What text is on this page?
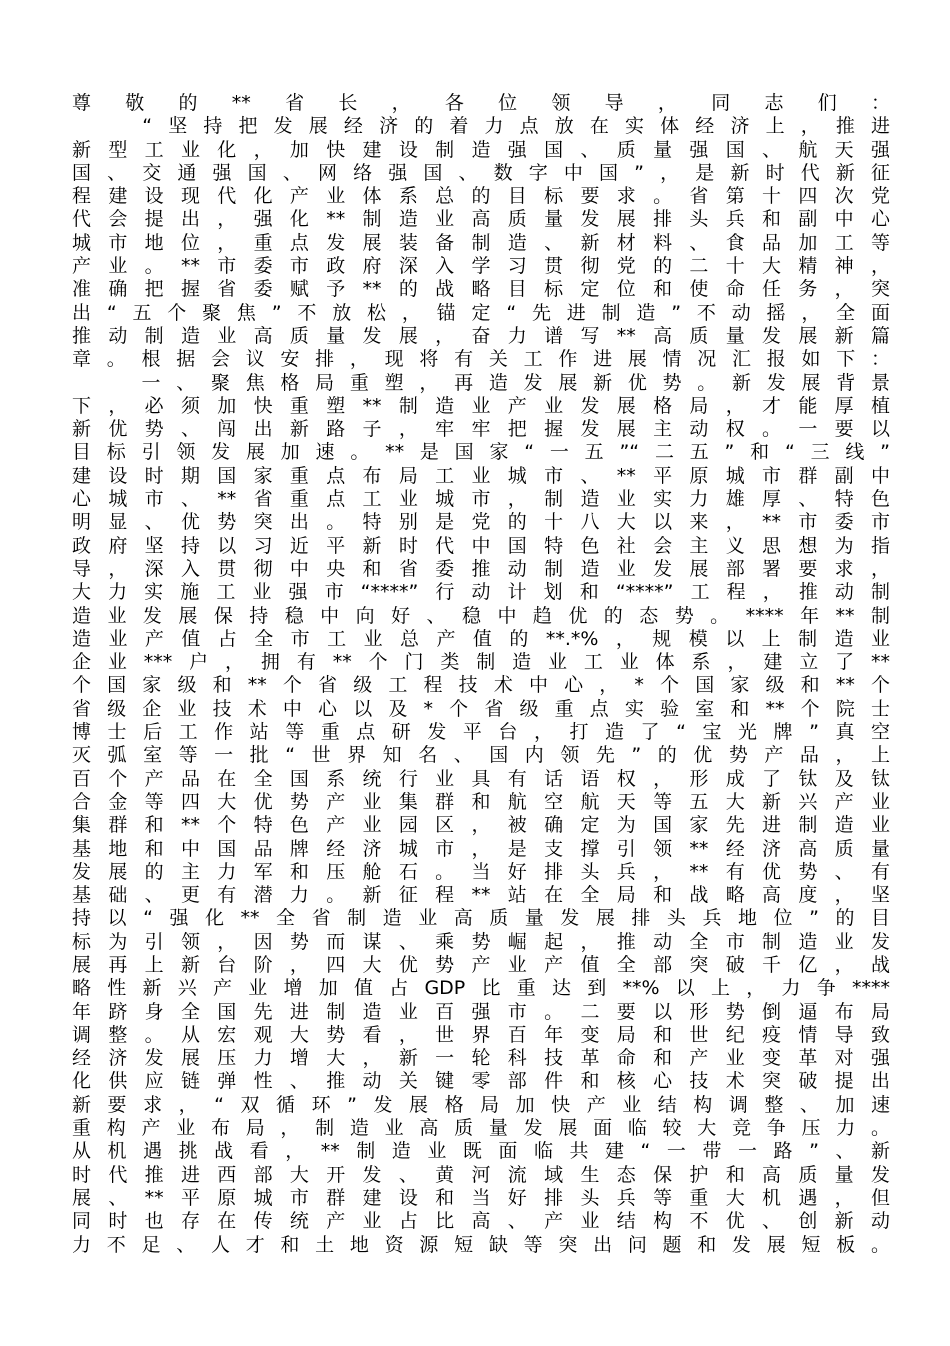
尊敬的**省长，各位领导，同志们：
　　“坚持把发展经济的着力点放在实体经济上，推进
新型工业化，加快建设制造强国、质量强国、航天强
国、交通强国、网络强国、数字中国”，是新时代新征
程建设现代化产业体系总的目标要求。省第十四次党
代会提出，强化**制造业高质量发展排头兵和副中心
城市地位，重点发展装备制造、新材料、食品加工等
产业。**市委市政府深入学习贯彻党的二十大精神，
准确把握省委赋予**的战略目标定位和使命任务，突
出“五个聚焦”不放松，锚定“先进制造”不动摇，全面
推动制造业高质量发展，奋力谱写**高质量发展新篇
章。根据会议安排，现将有关工作进展情况汇报如下：
　　一、聚焦格局重塑，再造发展新优势。新发展背景
下，必须加快重塑**制造业产业发展格局，才能厚植
新优势、闯出新路子，牢牢把握发展主动权。一要以
目标引领发展加速。**是国家“一五”“二五”和“三线”
建设时期国家重点布局工业城市、**平原城市群副中
心城市、**省重点工业城市，制造业实力雄厚、特色
明显、优势突出。特别是党的十八大以来，**市委市
政府坚持以习近平新时代中国特色社会主义思想为指
导，深入贯彻中央和省委推动制造业发展部署要求，
大力实施工业强市“****”行动计划和“****”工程，推动制
造业发展保持稳中向好、稳中趋优的态势。****年**制
造业产值占全市工业总产值的**.*%，规模以上制造业
企业***户，拥有**个门类制造业工业体系，建立了**
个国家级和**个省级工程技术中心，*个国家级和**个
省级企业技术中心以及*个省级重点实验室和**个院士
博士后工作站等重点研发平台，打造了“宝光牌”真空
灭弧室等一批“世界知名、国内领先”的优势产品，上
百个产品在全国系统行业具有话语权，形成了钛及钛
合金等四大优势产业集群和航空航天等五大新兴产业
集群和**个特色产业园区，被确定为国家先进制造业
基地和中国品牌经济城市，是支撑引领**经济高质量
发展的主力军和压舱石。当好排头兵，**有优势、有
基础、更有潜力。新征程**站在全局和战略高度，坚
持以“强化**全省制造业高质量发展排头兵地位”的目
标为引领，因势而谋、乘势崛起，推动全市制造业发
展再上新台阶，四大优势产业产值全部突破千亿，战
略性新兴产业增加值占GDP比重达到**%以上，力争****
年跻身全国先进制造业百强市。二要以形势倒逼布局
调整。从宏观大势看，世界百年变局和世纪疫情导致
经济发展压力增大，新一轮科技革命和产业变革对强
化供应链弹性、推动关键零部件和核心技术突破提出
新要求，“双循环”发展格局加快产业结构调整、加速
重构产业布局，制造业高质量发展面临较大竞争压力。
从机遇挑战看，**制造业既面临共建“一带一路”、新
时代推进西部大开发、黄河流域生态保护和高质量发
展、**平原城市群建设和当好排头兵等重大机遇，但
同时也存在传统产业占比高、产业结构不优、创新动
力不足、人才和土地资源短缺等突出问题和发展短板。
